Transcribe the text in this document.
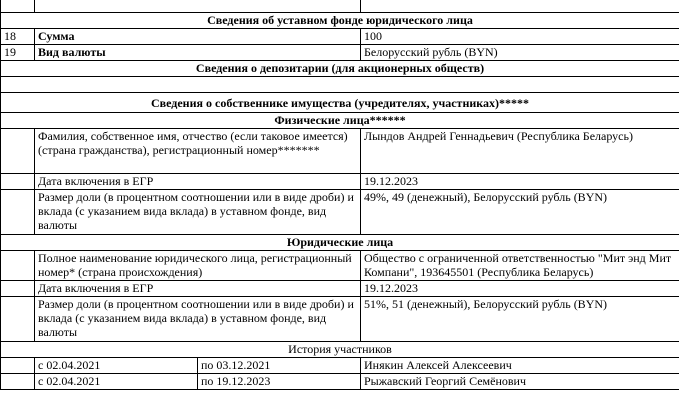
Сведения об уставном фонде юридического лица			
18	Сумма		100
19	Вид валюты		Белорусский рубль (BYN)
Сведения о депозитарии (для акционерных обществ)			

Сведения о собственнике имущества (учредителях, участниках)*****			
Физические лица******			
	Фамилия, собственное имя, отчество (если таковое имеется) (страна гражданства), регистрационный номер*******		Лындов Андрей Геннадьевич (Республика Беларусь)
	Дата включения в ЕГР		19.12.2023
	Размер доли (в процентном соотношении или в виде дроби) и вклада (с указанием вида вклада) в уставном фонде, вид валюты		49%, 49 (денежный), Белорусский рубль (BYN)
Юридические лица			
	Полное наименование юридического лица, регистрационный номер* (страна происхождения)		Общество с ограниченной ответственностью "Мит энд Мит Компани", 193645501 (Республика Беларусь)
	Дата включения в ЕГР		19.12.2023
	Размер доли (в процентном соотношении или в виде дроби) и вклада (с указанием вида вклада) в уставном фонде, вид валюты		51%, 51 (денежный), Белорусский рубль (BYN)
История участников			
	с 02.04.2021	по 03.12.2021	Инякин Алексей Алексеевич
	с 02.04.2021	по 19.12.2023	Рыжавский Георгий Семёнович
